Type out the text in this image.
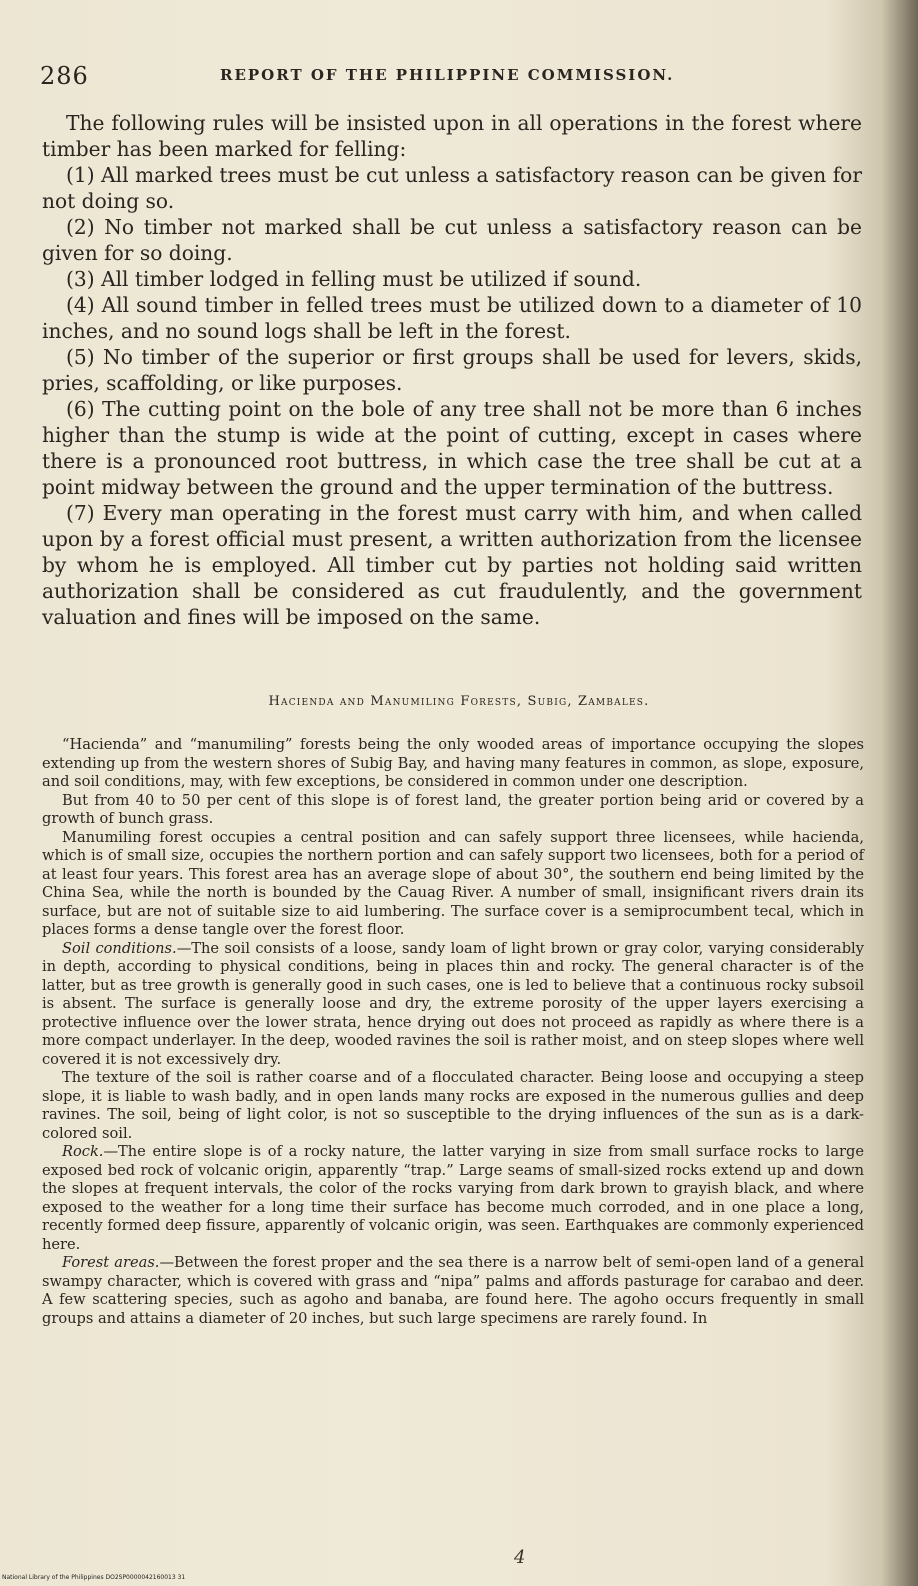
286	REPORT OF THE PHILIPPINE COMMISSION.

The following rules will be insisted upon in all operations in the forest where timber has been marked for felling:

(1) All marked trees must be cut unless a satisfactory reason can be given for not doing so.

(2) No timber not marked shall be cut unless a satisfactory reason can be given for so doing.

(3) All timber lodged in felling must be utilized if sound.

(4) All sound timber in felled trees must be utilized down to a diameter of 10 inches, and no sound logs shall be left in the forest.

(5) No timber of the superior or first groups shall be used for levers, skids, pries, scaffolding, or like purposes.

(6) The cutting point on the bole of any tree shall not be more than 6 inches higher than the stump is wide at the point of cutting, except in cases where there is a pronounced root buttress, in which case the tree shall be cut at a point midway between the ground and the upper termination of the buttress.

(7) Every man operating in the forest must carry with him, and when called upon by a forest official must present, a written authorization from the licensee by whom he is employed. All timber cut by parties not holding said written authorization shall be considered as cut fraudulently, and the government valuation and fines will be imposed on the same.

Hacienda and Manumiling Forests, Subig, Zambales.

“Hacienda” and “manumiling” forests being the only wooded areas of importance occupying the slopes extending up from the western shores of Subig Bay, and having many features in common, as slope, exposure, and soil conditions, may, with few exceptions, be considered in common under one description.

But from 40 to 50 per cent of this slope is of forest land, the greater portion being arid or covered by a growth of bunch grass.

Manumiling forest occupies a central position and can safely support three licensees, while hacienda, which is of small size, occupies the northern portion and can safely support two licensees, both for a period of at least four years. This forest area has an average slope of about 30°, the southern end being limited by the China Sea, while the north is bounded by the Cauag River. A number of small, insignificant rivers drain its surface, but are not of suitable size to aid lumbering. The surface cover is a semiprocumbent tecal, which in places forms a dense tangle over the forest floor.

Soil conditions.—The soil consists of a loose, sandy loam of light brown or gray color, varying considerably in depth, according to physical conditions, being in places thin and rocky. The general character is of the latter, but as tree growth is generally good in such cases, one is led to believe that a continuous rocky subsoil is absent. The surface is generally loose and dry, the extreme porosity of the upper layers exercising a protective influence over the lower strata, hence drying out does not proceed as rapidly as where there is a more compact underlayer. In the deep, wooded ravines the soil is rather moist, and on steep slopes where well covered it is not excessively dry.

The texture of the soil is rather coarse and of a flocculated character. Being loose and occupying a steep slope, it is liable to wash badly, and in open lands many rocks are exposed in the numerous gullies and deep ravines. The soil, being of light color, is not so susceptible to the drying influences of the sun as is a dark-colored soil.

Rock.—The entire slope is of a rocky nature, the latter varying in size from small surface rocks to large exposed bed rock of volcanic origin, apparently “trap.” Large seams of small-sized rocks extend up and down the slopes at frequent intervals, the color of the rocks varying from dark brown to grayish black, and where exposed to the weather for a long time their surface has become much corroded, and in one place a long, recently formed deep fissure, apparently of volcanic origin, was seen. Earthquakes are commonly experienced here.

Forest areas.—Between the forest proper and the sea there is a narrow belt of semi-open land of a general swampy character, which is covered with grass and “nipa” palms and affords pasturage for carabao and deer. A few scattering species, such as agoho and banaba, are found here. The agoho occurs frequently in small groups and attains a diameter of 20 inches, but such large specimens are rarely found. In

4
National Library of the Philippines DO2SP0000042160013 31
